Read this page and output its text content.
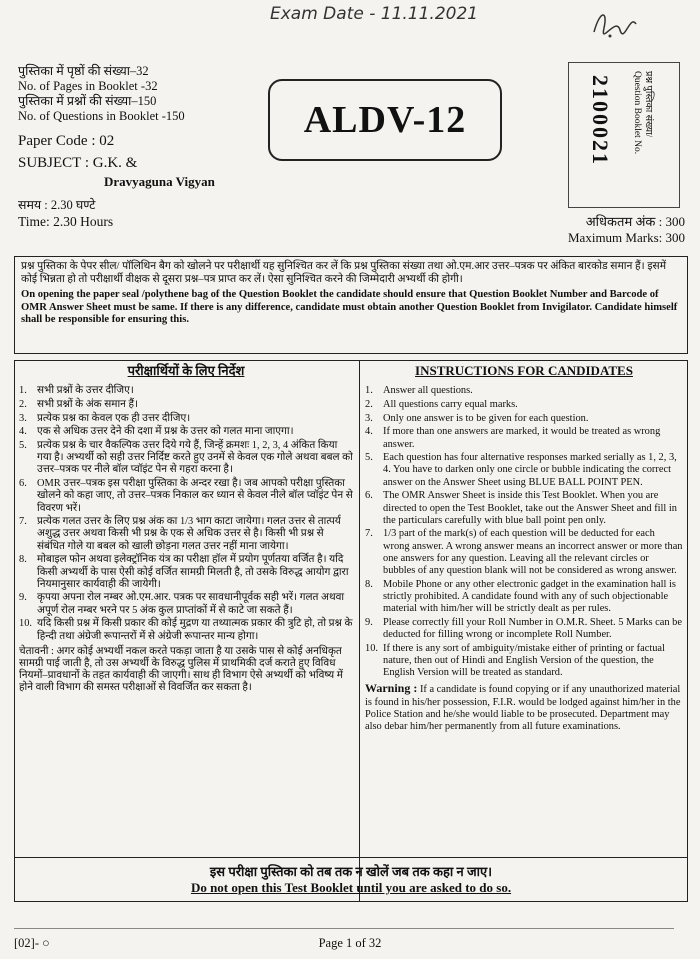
Exam Date - 11.11.2021
पुस्तिका में पृष्ठों की संख्या–32
No. of Pages in Booklet -32
पुस्तिका में प्रश्नों की संख्या–150
No. of Questions in Booklet -150
Paper Code : 02
SUBJECT : G.K. &
Dravyaguna Vigyan
समय : 2.30 घण्टे
Time: 2.30 Hours
ALDV-12	प्रश्न पुस्तिका संख्या/
Question Booklet No.
2100021
अधिकतम अंक : 300
Maximum Marks: 300
प्रश्न पुस्तिका के पेपर सील/ पॉलिथिन बैग को खोलने पर परीक्षार्थी यह सुनिश्चित कर लें कि प्रश्न पुस्तिका संख्या तथा ओ.एम.आर उत्तर–पत्रक पर अंकित बारकोड समान हैं। इसमें कोई भिन्नता हो तो परीक्षार्थी वीक्षक से दूसरा प्रश्न–पत्र प्राप्त कर लें। ऐसा सुनिश्चित करने की जिम्मेदारी अभ्यर्थी की होगी।
On opening the paper seal /polythene bag of the Question Booklet the candidate should ensure that Question Booklet Number and Barcode of OMR Answer Sheet must be same. If there is any difference, candidate must obtain another Question Booklet from Invigilator. Candidate himself shall be responsible for ensuring this.
परीक्षार्थियों के लिए निर्देश
1. सभी प्रश्नों के उत्तर दीजिए।
2. सभी प्रश्नों के अंक समान हैं।
3. प्रत्येक प्रश्न का केवल एक ही उत्तर दीजिए।
4. एक से अधिक उत्तर देने की दशा में प्रश्न के उत्तर को गलत माना जाएगा।
5. प्रत्येक प्रश्न के चार वैकल्पिक उत्तर दिये गये हैं, जिन्हें क्रमशः 1, 2, 3, 4 अंकित किया गया है। अभ्यर्थी को सही उत्तर निर्दिष्ट करते हुए उनमें से केवल एक गोले अथवा बबल को उत्तर–पत्रक पर नीले बॉल प्वॉइंट पेन से गहरा करना है।
6. OMR उत्तर–पत्रक इस परीक्षा पुस्तिका के अन्दर रखा है। जब आपको परीक्षा पुस्तिका खोलने को कहा जाए, तो उत्तर–पत्रक निकाल कर ध्यान से केवल नीले बॉल प्वॉइंट पेन से विवरण भरें।
7. प्रत्येक गलत उत्तर के लिए प्रश्न अंक का 1/3 भाग काटा जायेगा। गलत उत्तर से तात्पर्य अशुद्ध उत्तर अथवा किसी भी प्रश्न के एक से अधिक उत्तर से है। किसी भी प्रश्न से संबंधित गोले या बबल को खाली छोड़ना गलत उत्तर नहीं माना जायेगा।
8. मोबाइल फोन अथवा इलेक्ट्रॉनिक यंत्र का परीक्षा हॉल में प्रयोग पूर्णतया वर्जित है। यदि किसी अभ्यर्थी के पास ऐसी कोई वर्जित सामग्री मिलती है, तो उसके विरुद्ध आयोग द्वारा नियमानुसार कार्यवाही की जायेगी।
9. कृपया अपना रोल नम्बर ओ.एम.आर. पत्रक पर सावधानीपूर्वक सही भरें। गलत अथवा अपूर्ण रोल नम्बर भरने पर 5 अंक कुल प्राप्तांकों में से काटे जा सकते हैं।
10. यदि किसी प्रश्न में किसी प्रकार की कोई मुद्रण या तथ्यात्मक प्रकार की त्रुटि हो, तो प्रश्न के हिन्दी तथा अंग्रेजी रूपान्तरों में से अंग्रेजी रूपान्तर मान्य होगा।
चेतावनी : अगर कोई अभ्यर्थी नकल करते पकड़ा जाता है या उसके पास से कोई अनधिकृत सामग्री पाई जाती है, तो उस अभ्यर्थी के विरुद्ध पुलिस में प्राथमिकी दर्ज कराते हुए विविध नियमों–प्रावधानों के तहत कार्यवाही की जाएगी। साथ ही विभाग ऐसे अभ्यर्थी को भविष्य में होने वाली विभाग की समस्त परीक्षाओं से विवर्जित कर सकता है।
INSTRUCTIONS FOR CANDIDATES
1. Answer all questions.
2. All questions carry equal marks.
3. Only one answer is to be given for each question.
4. If more than one answers are marked, it would be treated as wrong answer.
5. Each question has four alternative responses marked serially as 1, 2, 3, 4. You have to darken only one circle or bubble indicating the correct answer on the Answer Sheet using BLUE BALL POINT PEN.
6. The OMR Answer Sheet is inside this Test Booklet. When you are directed to open the Test Booklet, take out the Answer Sheet and fill in the particulars carefully with blue ball point pen only.
7. 1/3 part of the mark(s) of each question will be deducted for each wrong answer. A wrong answer means an incorrect answer or more than one answers for any question. Leaving all the relevant circles or bubbles of any question blank will not be considered as wrong answer.
8. Mobile Phone or any other electronic gadget in the examination hall is strictly prohibited. A candidate found with any of such objectionable material with him/her will be strictly dealt as per rules.
9. Please correctly fill your Roll Number in O.M.R. Sheet. 5 Marks can be deducted for filling wrong or incomplete Roll Number.
10. If there is any sort of ambiguity/mistake either of printing or factual nature, then out of Hindi and English Version of the question, the English Version will be treated as standard.
Warning : If a candidate is found copying or if any unauthorized material is found in his/her possession, F.I.R. would be lodged against him/her in the Police Station and he/she would liable to be prosecuted. Department may also debar him/her permanently from all future examinations.
इस परीक्षा पुस्तिका को तब तक न खोलें जब तक कहा न जाए।
Do not open this Test Booklet until you are asked to do so.
[02]- ○	Page 1 of 32
